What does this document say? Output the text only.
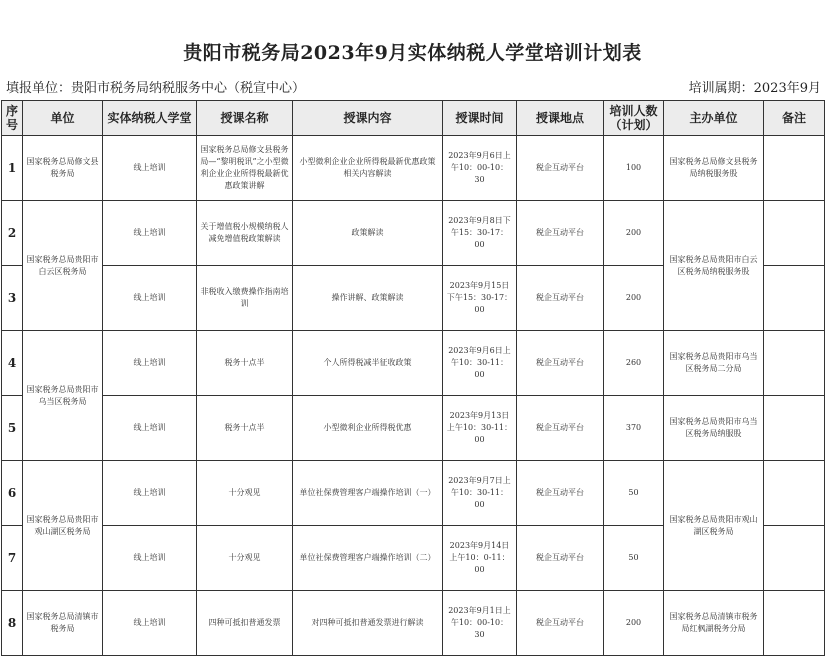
贵阳市税务局2023年9月实体纳税人学堂培训计划表
填报单位：贵阳市税务局纳税服务中心（税宣中心）	培训属期：2023年9月
序号	单位	实体纳税人学堂	授课名称	授课内容	授课时间	授课地点	培训人数（计划）	主办单位	备注
1	国家税务总局修文县税务局	线上培训	国家税务总局修文县税务局—“黎明税讯”之小型微利企业企业所得税最新优惠政策讲解	小型微利企业企业所得税最新优惠政策相关内容解读	2023年9月6日上午10：00-10：30	税企互动平台	100	国家税务总局修文县税务局纳税服务股	
2	国家税务总局贵阳市白云区税务局	线上培训	关于增值税小规模纳税人减免增值税政策解读	政策解读	2023年9月8日下午15：30-17：00	税企互动平台	200	国家税务总局贵阳市白云区税务局纳税服务股	
3		线上培训	非税收入缴费操作指南培训	操作讲解、政策解读	2023年9月15日下午15：30-17：00	税企互动平台	200		
4	国家税务总局贵阳市乌当区税务局	线上培训	税务十点半	个人所得税减半征收政策	2023年9月6日上午10：30-11：00	税企互动平台	260	国家税务总局贵阳市乌当区税务局二分局	
5		线上培训	税务十点半	小型微利企业所得税优惠	2023年9月13日上午10：30-11：00	税企互动平台	370	国家税务总局贵阳市乌当区税务局纳服股	
6	国家税务总局贵阳市观山湖区税务局	线上培训	十分观见	单位社保费管理客户端操作培训（一）	2023年9月7日上午10：30-11：00	税企互动平台	50	国家税务总局贵阳市观山湖区税务局	
7		线上培训	十分观见	单位社保费管理客户端操作培训（二）	2023年9月14日上午10：0-11：00	税企互动平台	50		
8	国家税务总局清镇市税务局	线上培训	四种可抵扣普通发票	对四种可抵扣普通发票进行解读	2023年9月1日上午10：00-10：30	税企互动平台	200	国家税务总局清镇市税务局红枫湖税务分局	
